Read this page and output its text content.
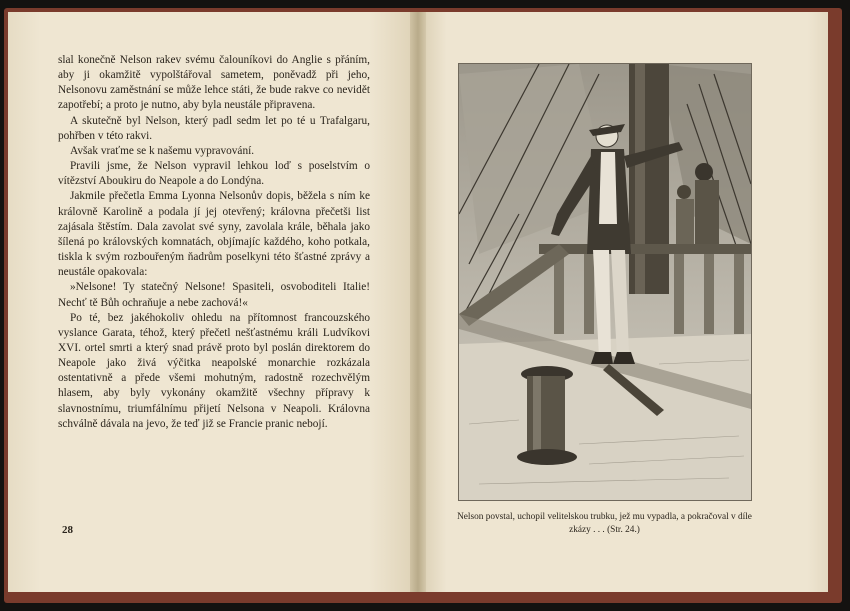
slal konečně Nelson rakev svému čalouníkovi do Anglie s přáním, aby ji okamžitě vypolštářoval sametem, poněvadž při jeho, Nelsonovu zaměstnání se může lehce státi, že bude rakve co nevidět zapotřebí; a proto je nutno, aby byla neustále připravena.

A skutečně byl Nelson, který padl sedm let po té u Trafalgaru, pohřben v této rakvi.

Avšak vraťme se k našemu vypravování.

Pravili jsme, že Nelson vypravil lehkou loď s poselstvím o vítězství Aboukiru do Neapole a do Londýna.

Jakmile přečetla Emma Lyonna Nelsonův dopis, běžela s ním ke královně Karolině a podala jí jej otevřený; královna přečetši list zajásala štěstím. Dala zavolat své syny, zavolala krále, běhala jako šílená po královských komnatách, objímajíc každého, koho potkala, tiskla k svým rozbouřeným ňadrům poselkyni této šťastné zprávy a neustále opakovala:

»Nelsone! Ty statečný Nelsone! Spasiteli, osvoboditeli Italie! Nechť tě Bůh ochraňuje a nebe zachová!«

Po té, bez jakéhokoliv ohledu na přítomnost francouzského vyslance Garata, téhož, který přečetl nešťastnému králi Ludvíkovi XVI. ortel smrti a který snad právě proto byl poslán direktorem do Neapole jako živá výčitka neapolské monarchie rozkázala ostentativně a přede všemi mohutným, radostně rozechvělým hlasem, aby byly vykonány okamžitě všechny přípravy k slavnostnímu, triumfálnímu přijetí Nelsona v Neapoli. Královna schválně dávala na jevo, že teď již se Francie pranic nebojí.

28
Nelson povstal, uchopil velitelskou trubku, jež mu vypadla, a pokračoval v díle zkázy . . . (Str. 24.)
